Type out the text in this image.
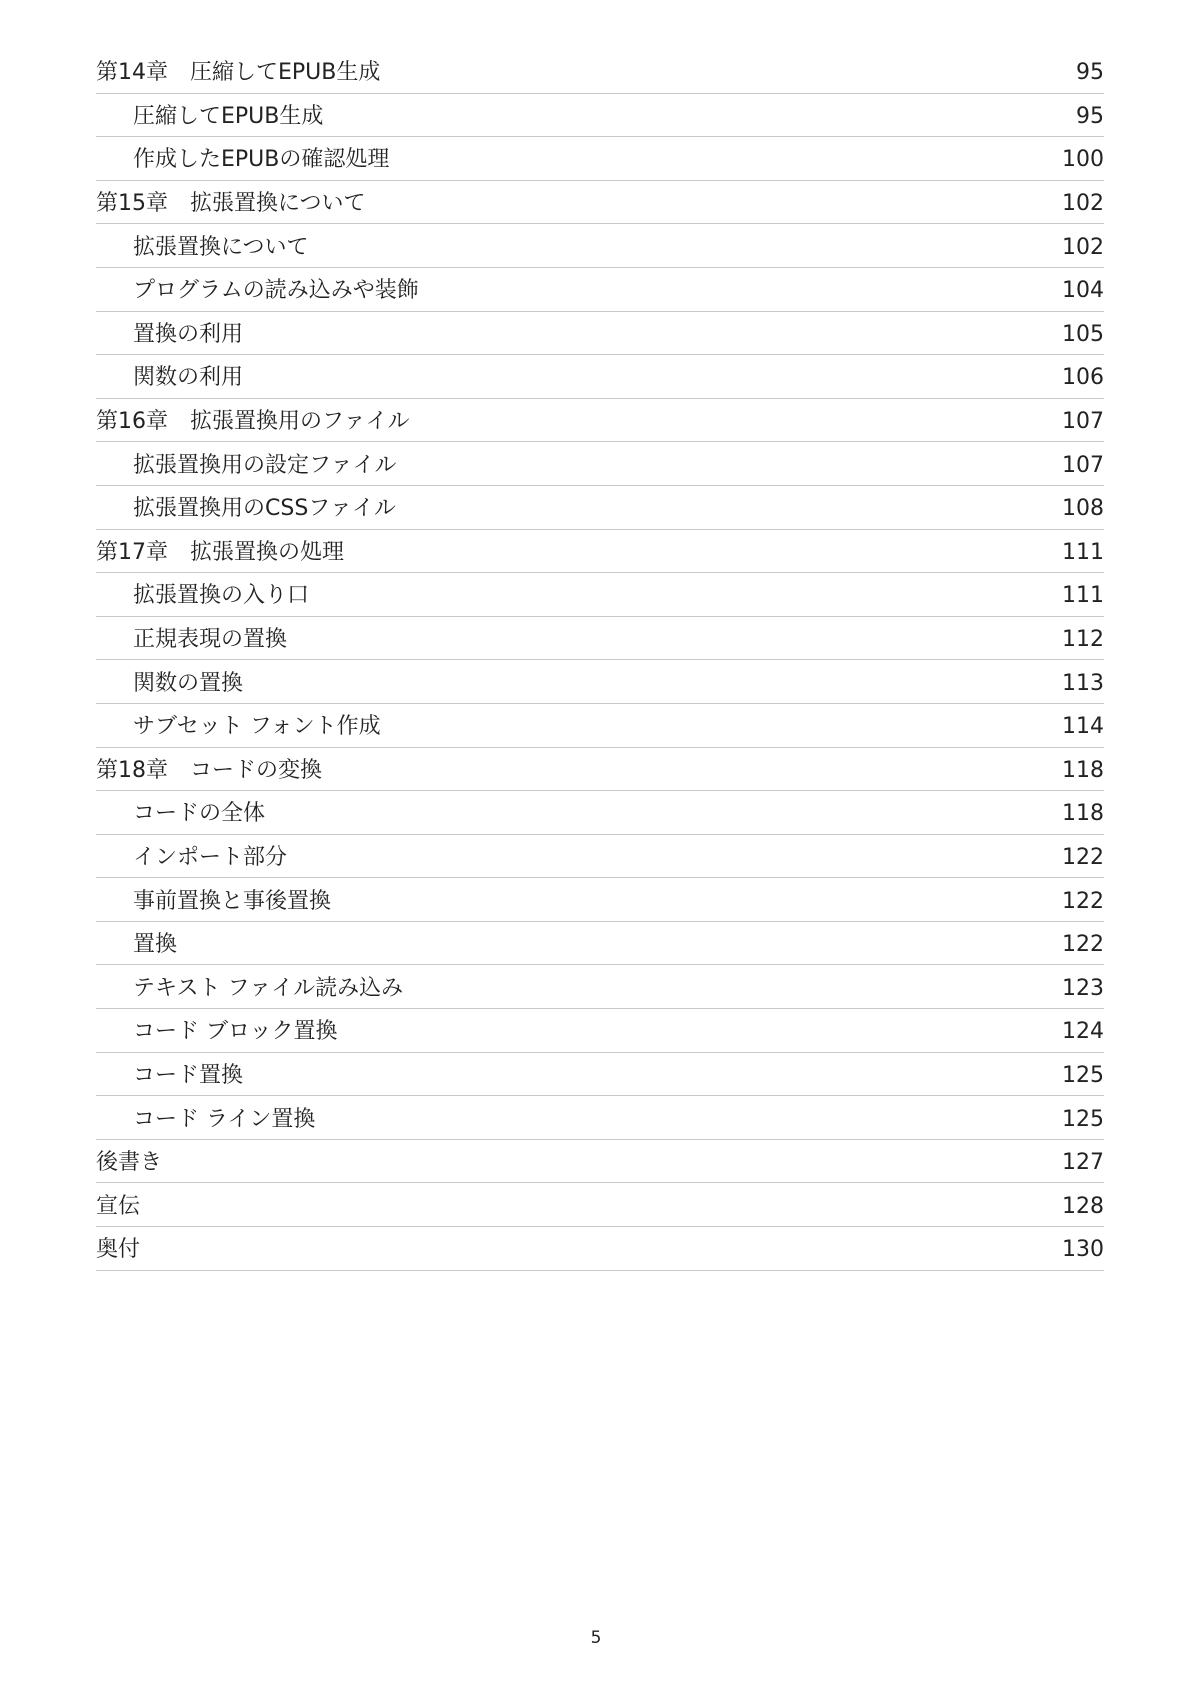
第14章　圧縮してEPUB生成	95
圧縮してEPUB生成	95
作成したEPUBの確認処理	100
第15章　拡張置換について	102
拡張置換について	102
プログラムの読み込みや装飾	104
置換の利用	105
関数の利用	106
第16章　拡張置換用のファイル	107
拡張置換用の設定ファイル	107
拡張置換用のCSSファイル	108
第17章　拡張置換の処理	111
拡張置換の入り口	111
正規表現の置換	112
関数の置換	113
サブセット フォント作成	114
第18章　コードの変換	118
コードの全体	118
インポート部分	122
事前置換と事後置換	122
置換	122
テキスト ファイル読み込み	123
コード ブロック置換	124
コード置換	125
コード ライン置換	125
後書き	127
宣伝	128
奥付	130
5
